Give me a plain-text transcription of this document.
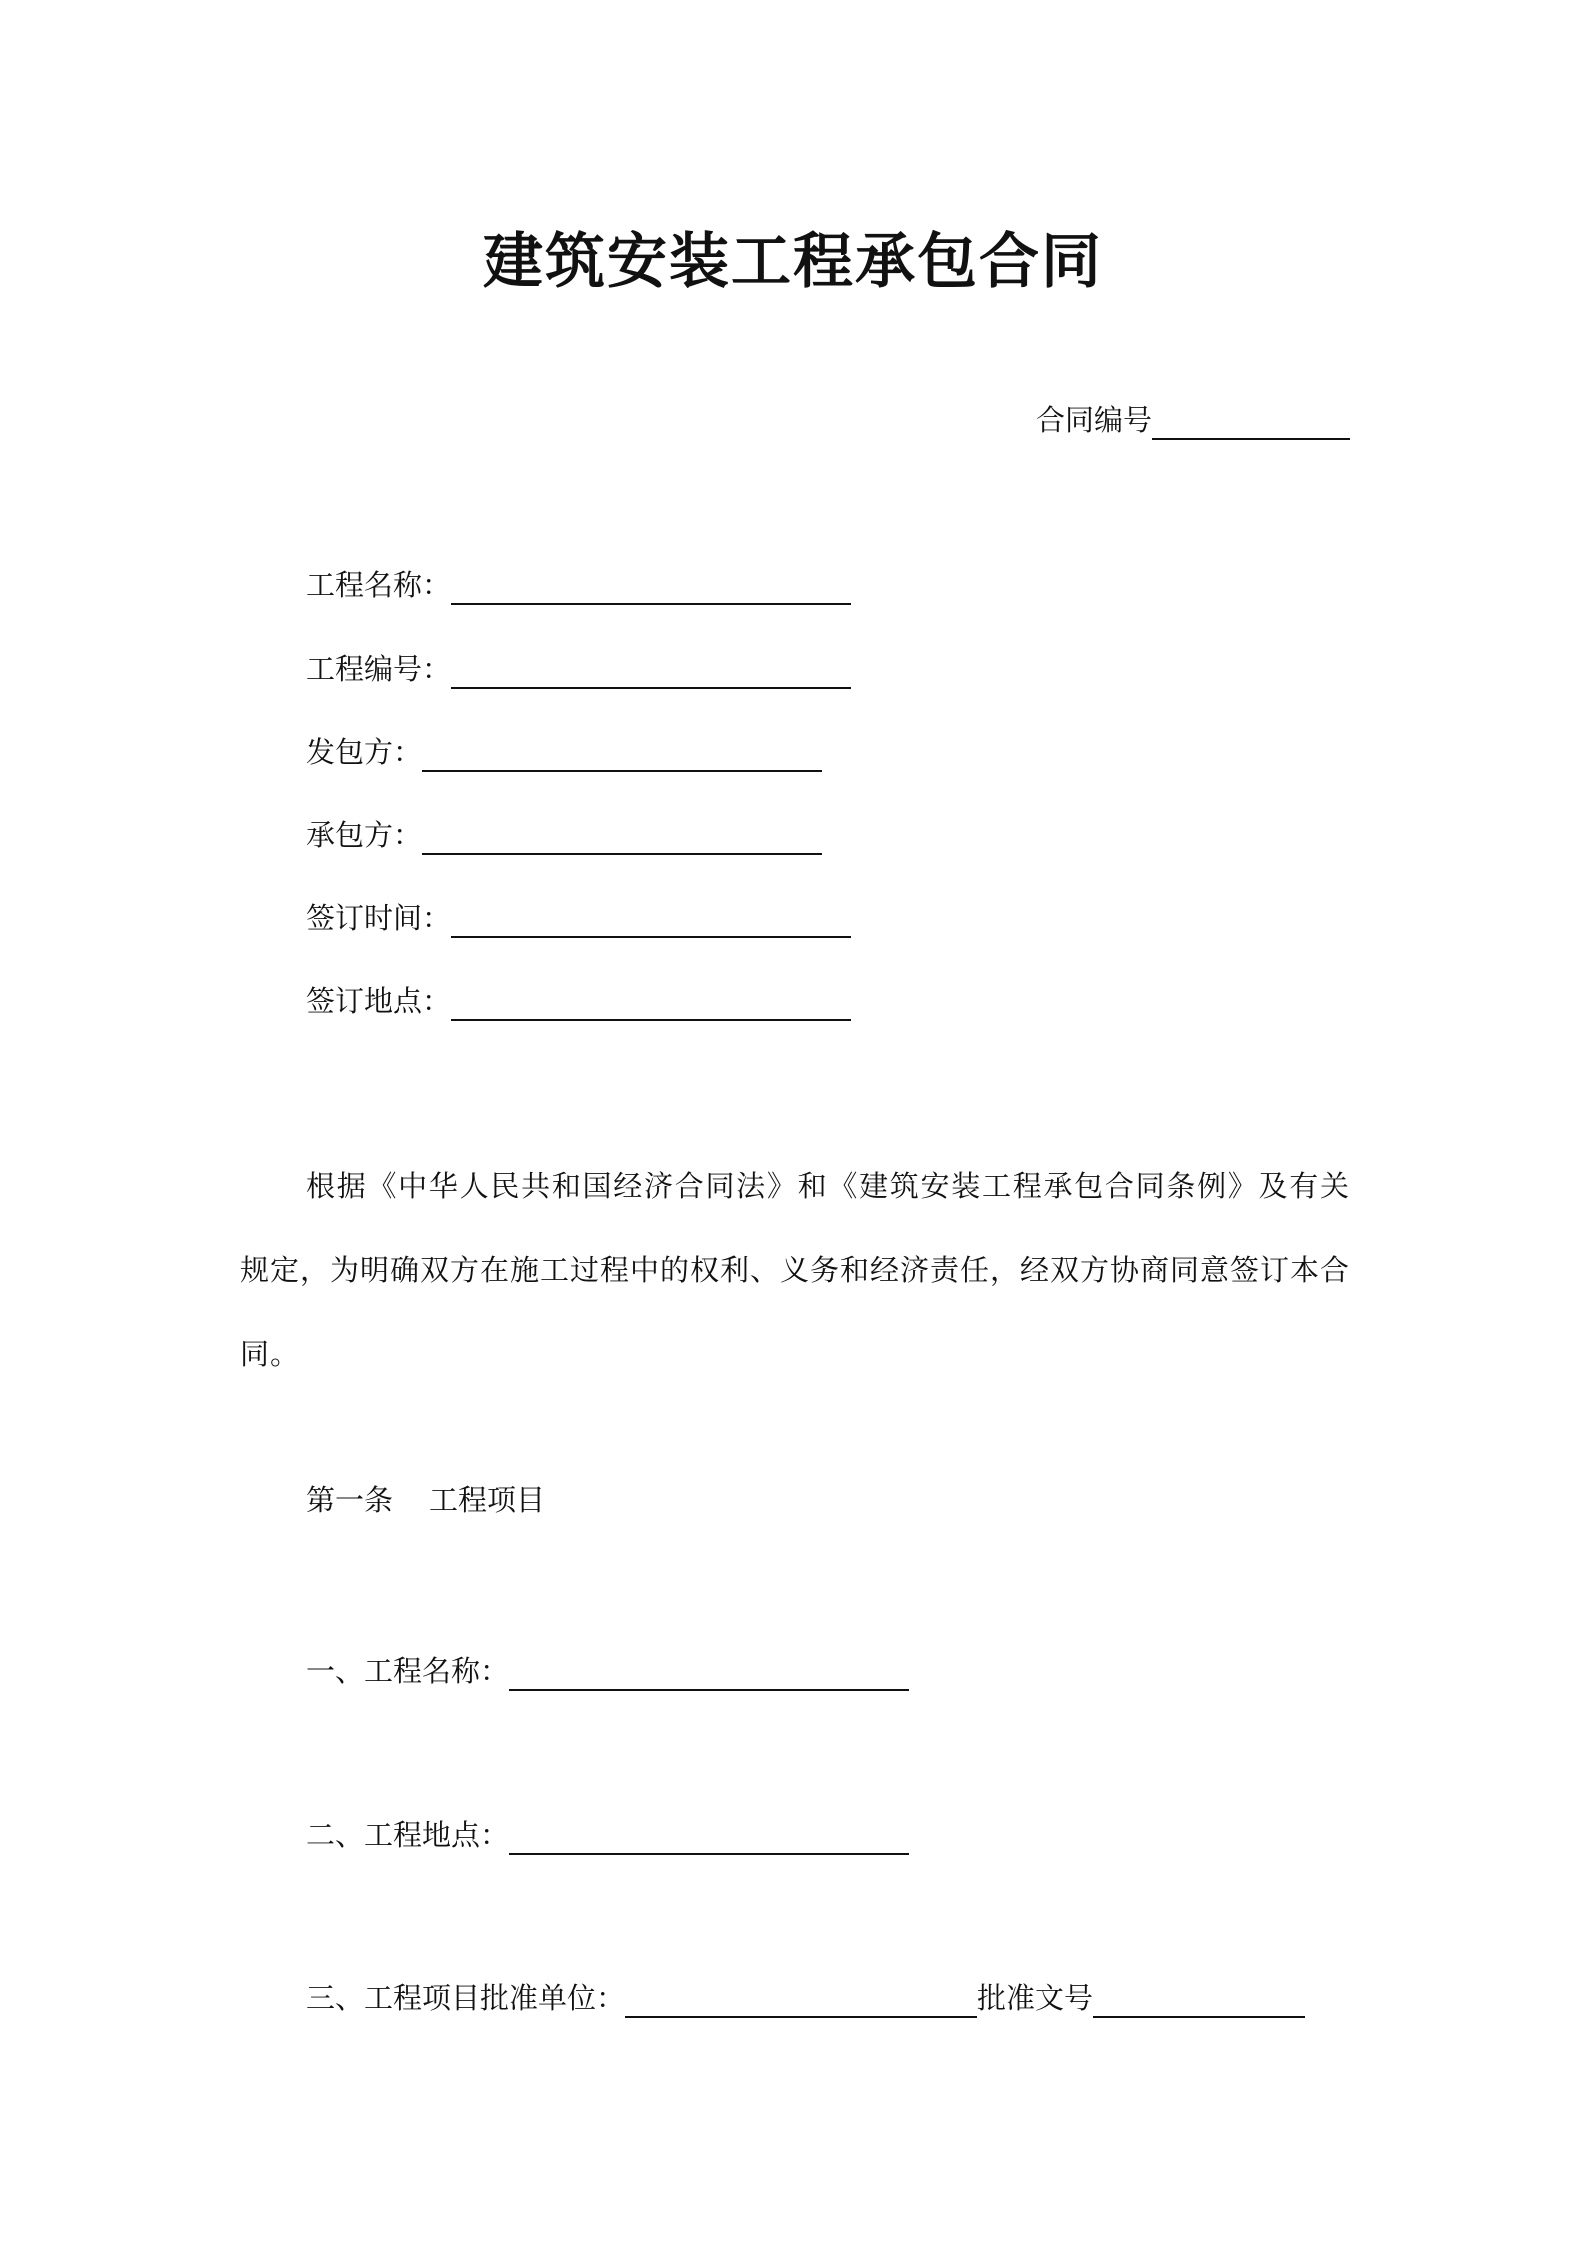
建筑安装工程承包合同
合同编号
工程名称：
工程编号：
发包方：
承包方：
签订时间：
签订地点：
根据《中华人民共和国经济合同法》和《建筑安装工程承包合同条例》及有关规定，为明确双方在施工过程中的权利、义务和经济责任，经双方协商同意签订本合同。
第一条 工程项目
一、工程名称：
二、工程地点：
三、工程项目批准单位：	批准文号
